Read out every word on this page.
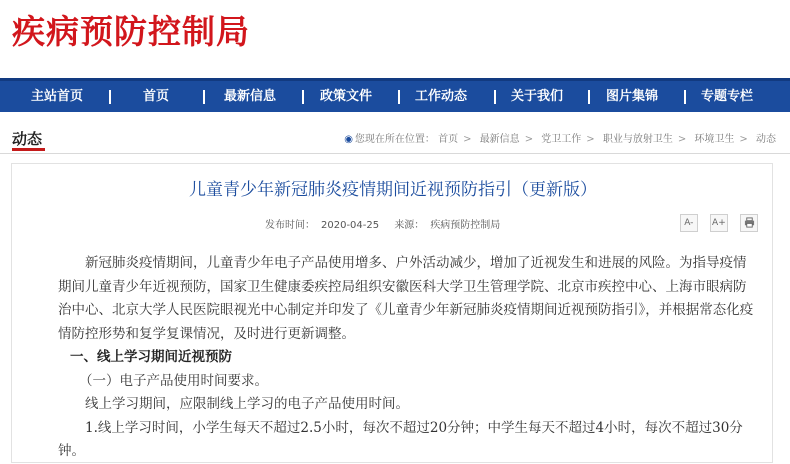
疾病预防控制局
主站首页	首页	最新信息	政策文件	工作动态	关于我们	图片集锦	专题专栏
动态	◉ 您现在所在位置： 首页 > 最新信息 > 党卫工作 > 职业与放射卫生 > 环境卫生 > 动态
儿童青少年新冠肺炎疫情期间近视预防指引（更新版）
发布时间： 2020-04-25 来源： 疾病预防控制局	A- A+

新冠肺炎疫情期间，儿童青少年电子产品使用增多、户外活动减少，增加了近视发生和进展的风险。为指导疫情期间儿童青少年近视预防，国家卫生健康委疾控局组织安徽医科大学卫生管理学院、北京市疾控中心、上海市眼病防治中心、北京大学人民医院眼视光中心制定并印发了《儿童青少年新冠肺炎疫情期间近视预防指引》，并根据常态化疫情防控形势和复学复课情况，及时进行更新调整。

一、线上学习期间近视预防

（一）电子产品使用时间要求。

线上学习期间，应限制线上学习的电子产品使用时间。

1.线上学习时间，小学生每天不超过2.5小时，每次不超过20分钟；中学生每天不超过4小时，每次不超过30分钟。
